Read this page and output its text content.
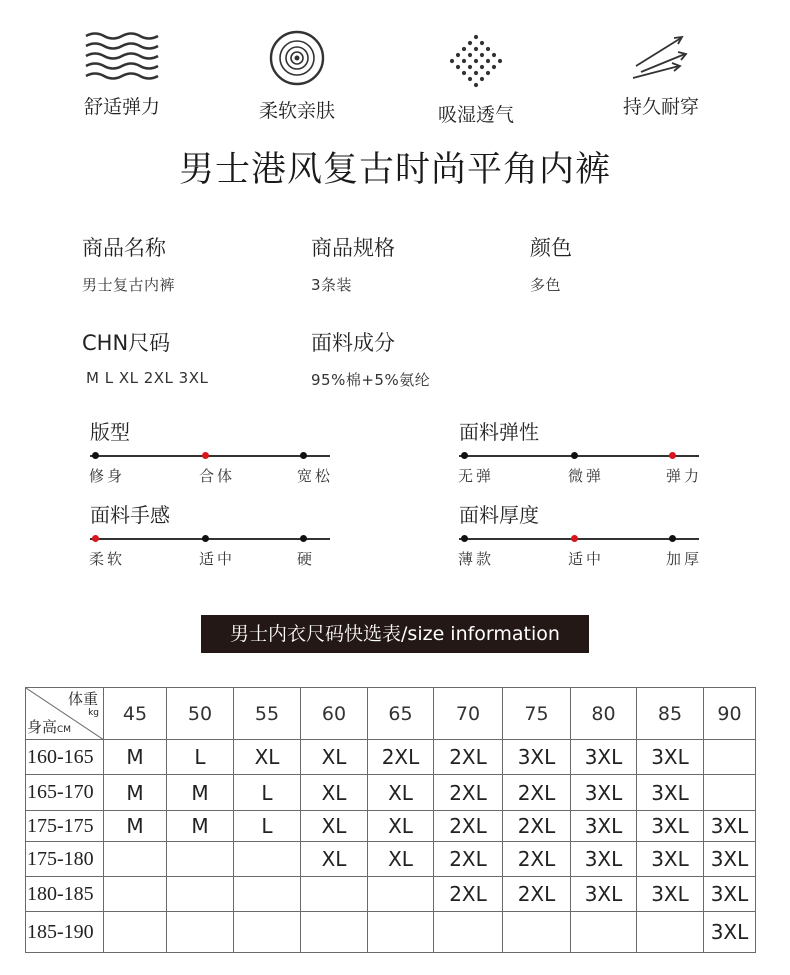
舒适弹力	柔软亲肤	吸湿透气	持久耐穿
男士港风复古时尚平角内裤
商品名称
男士复古内裤
商品规格
3条装
颜色
多色
CHN尺码
M L XL 2XL 3XL
面料成分
95%棉+5%氨纶
版型
修身	合体	宽松
面料弹性
无弹	微弹	弹力
面料手感
柔软	适中	硬
面料厚度
薄款	适中	加厚
男士内衣尺码快选表/size information
体重
kg
身高CM	45	50	55	60	65	70	75	80	85	90
160-165	M	L	XL	XL	2XL	2XL	3XL	3XL	3XL	
165-170	M	M	L	XL	XL	2XL	2XL	3XL	3XL	
175-175	M	M	L	XL	XL	2XL	2XL	3XL	3XL	3XL
175-180				XL	XL	2XL	2XL	3XL	3XL	3XL
180-185						2XL	2XL	3XL	3XL	3XL
185-190										3XL
